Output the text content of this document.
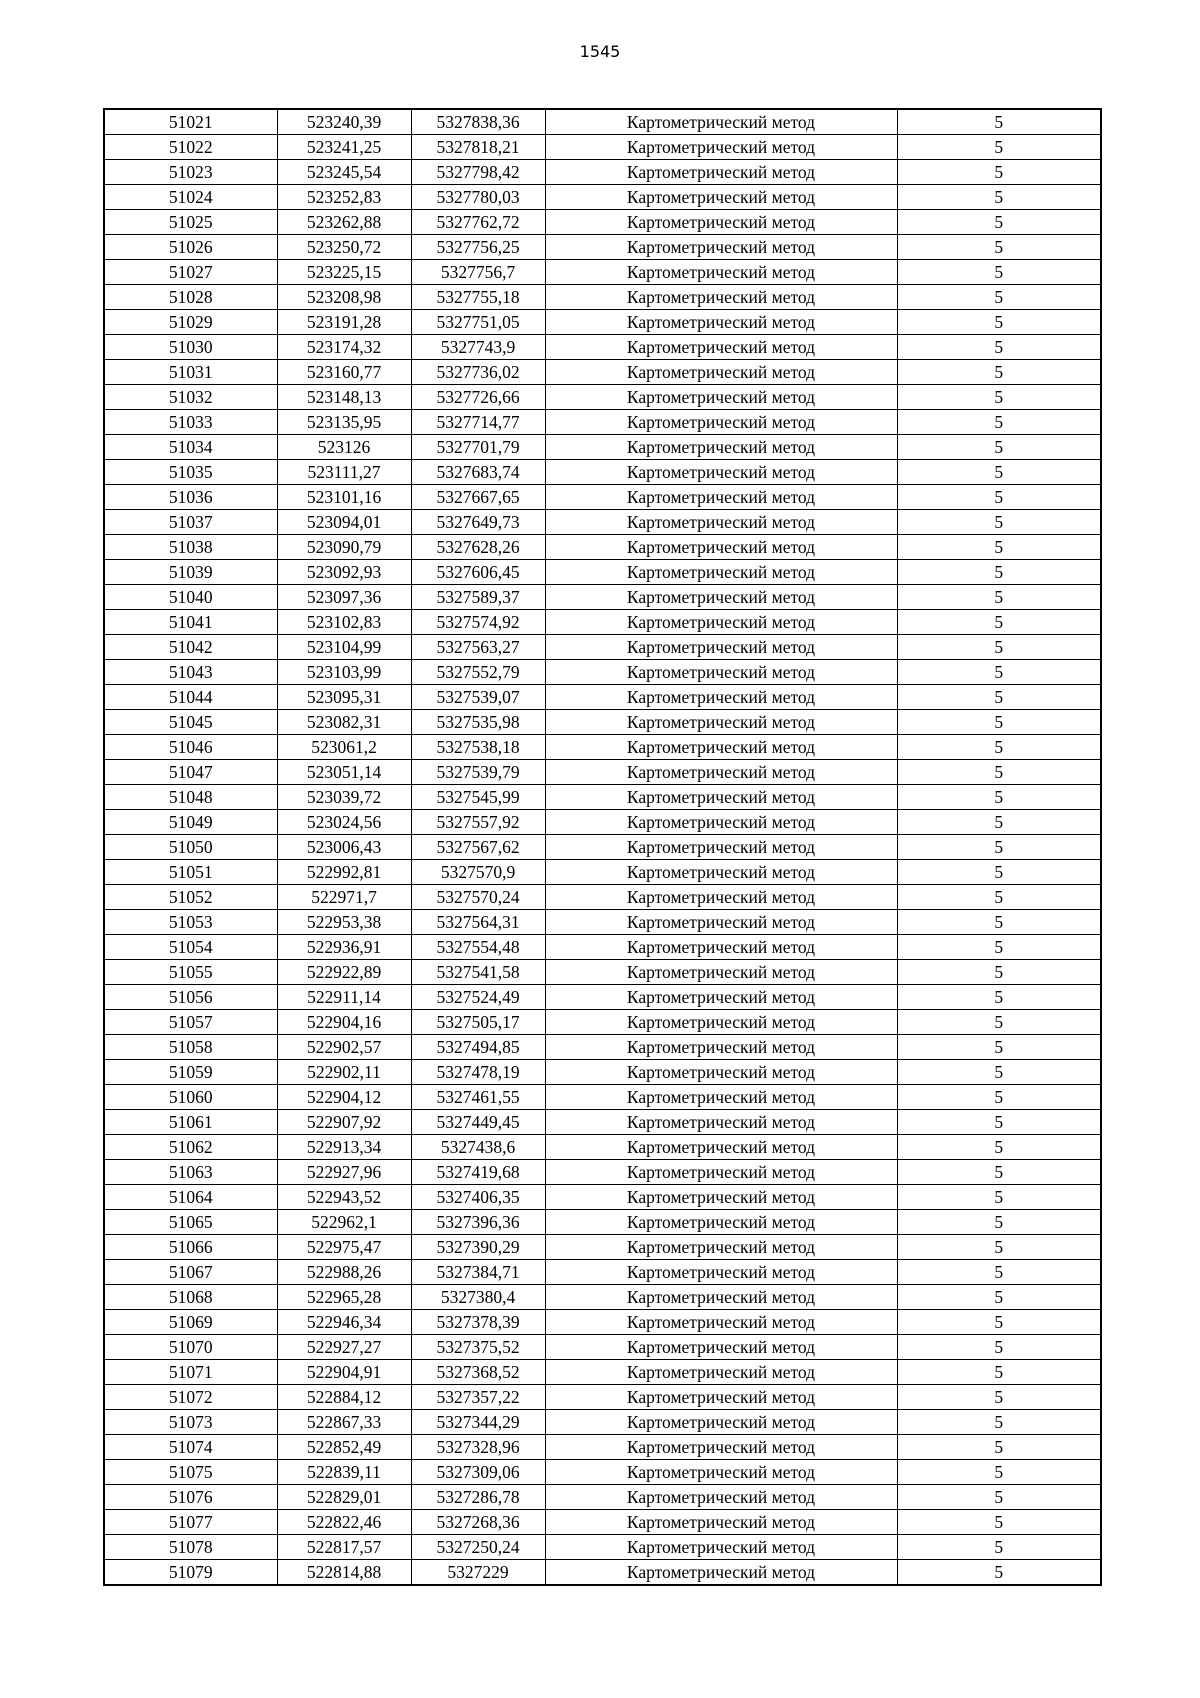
1545
51021	523240,39	5327838,36	Картометрический метод	5
51022	523241,25	5327818,21	Картометрический метод	5
51023	523245,54	5327798,42	Картометрический метод	5
51024	523252,83	5327780,03	Картометрический метод	5
51025	523262,88	5327762,72	Картометрический метод	5
51026	523250,72	5327756,25	Картометрический метод	5
51027	523225,15	5327756,7	Картометрический метод	5
51028	523208,98	5327755,18	Картометрический метод	5
51029	523191,28	5327751,05	Картометрический метод	5
51030	523174,32	5327743,9	Картометрический метод	5
51031	523160,77	5327736,02	Картометрический метод	5
51032	523148,13	5327726,66	Картометрический метод	5
51033	523135,95	5327714,77	Картометрический метод	5
51034	523126	5327701,79	Картометрический метод	5
51035	523111,27	5327683,74	Картометрический метод	5
51036	523101,16	5327667,65	Картометрический метод	5
51037	523094,01	5327649,73	Картометрический метод	5
51038	523090,79	5327628,26	Картометрический метод	5
51039	523092,93	5327606,45	Картометрический метод	5
51040	523097,36	5327589,37	Картометрический метод	5
51041	523102,83	5327574,92	Картометрический метод	5
51042	523104,99	5327563,27	Картометрический метод	5
51043	523103,99	5327552,79	Картометрический метод	5
51044	523095,31	5327539,07	Картометрический метод	5
51045	523082,31	5327535,98	Картометрический метод	5
51046	523061,2	5327538,18	Картометрический метод	5
51047	523051,14	5327539,79	Картометрический метод	5
51048	523039,72	5327545,99	Картометрический метод	5
51049	523024,56	5327557,92	Картометрический метод	5
51050	523006,43	5327567,62	Картометрический метод	5
51051	522992,81	5327570,9	Картометрический метод	5
51052	522971,7	5327570,24	Картометрический метод	5
51053	522953,38	5327564,31	Картометрический метод	5
51054	522936,91	5327554,48	Картометрический метод	5
51055	522922,89	5327541,58	Картометрический метод	5
51056	522911,14	5327524,49	Картометрический метод	5
51057	522904,16	5327505,17	Картометрический метод	5
51058	522902,57	5327494,85	Картометрический метод	5
51059	522902,11	5327478,19	Картометрический метод	5
51060	522904,12	5327461,55	Картометрический метод	5
51061	522907,92	5327449,45	Картометрический метод	5
51062	522913,34	5327438,6	Картометрический метод	5
51063	522927,96	5327419,68	Картометрический метод	5
51064	522943,52	5327406,35	Картометрический метод	5
51065	522962,1	5327396,36	Картометрический метод	5
51066	522975,47	5327390,29	Картометрический метод	5
51067	522988,26	5327384,71	Картометрический метод	5
51068	522965,28	5327380,4	Картометрический метод	5
51069	522946,34	5327378,39	Картометрический метод	5
51070	522927,27	5327375,52	Картометрический метод	5
51071	522904,91	5327368,52	Картометрический метод	5
51072	522884,12	5327357,22	Картометрический метод	5
51073	522867,33	5327344,29	Картометрический метод	5
51074	522852,49	5327328,96	Картометрический метод	5
51075	522839,11	5327309,06	Картометрический метод	5
51076	522829,01	5327286,78	Картометрический метод	5
51077	522822,46	5327268,36	Картометрический метод	5
51078	522817,57	5327250,24	Картометрический метод	5
51079	522814,88	5327229	Картометрический метод	5
